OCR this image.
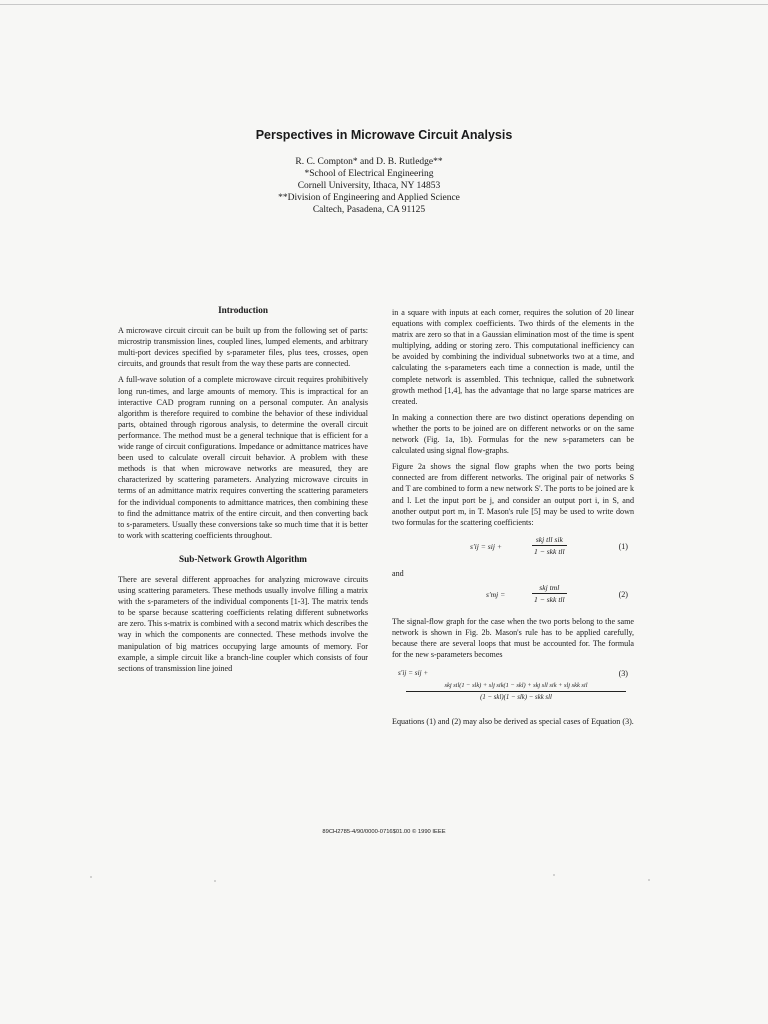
Perspectives in Microwave Circuit Analysis
R. C. Compton* and D. B. Rutledge**
*School of Electrical Engineering
Cornell University, Ithaca, NY 14853
**Division of Engineering and Applied Science
Caltech, Pasadena, CA 91125
Introduction

A microwave circuit circuit can be built up from the following set of parts: microstrip transmission lines, coupled lines, lumped elements, and arbitrary multi-port devices specified by s-parameter files, plus tees, crosses, open circuits, and grounds that result from the way these parts are connected.

A full-wave solution of a complete microwave circuit requires prohibitively long run-times, and large amounts of memory. This is impractical for an interactive CAD program running on a personal computer. An analysis algorithm is therefore required to combine the behavior of these individual parts, obtained through rigorous analysis, to determine the overall circuit performance. The method must be a general technique that is efficient for a wide range of circuit configurations. Impedance or admittance matrices have been used to calculate overall circuit behavior. A problem with these methods is that when microwave networks are measured, they are characterized by scattering parameters. Analyzing microwave circuits in terms of an admittance matrix requires converting the scattering parameters for the individual components to admittance matrices, then combining these to find the admittance matrix of the entire circuit, and then converting back to s-parameters. Usually these conversions take so much time that it is better to work with scattering coefficients throughout.

Sub-Network Growth Algorithm

There are several different approaches for analyzing microwave circuits using scattering parameters. These methods usually involve filling a matrix with the s-parameters of the individual components [1-3]. The matrix tends to be sparse because scattering coefficients relating different subnetworks are zero. This s-matrix is combined with a second matrix which describes the way in which the components are connected. These methods involve the manipulation of big matrices occupying large amounts of memory. For example, a simple circuit like a branch-line coupler which consists of four sections of transmission line joined

in a square with inputs at each corner, requires the solution of 20 linear equations with complex coefficients. Two thirds of the elements in the matrix are zero so that in a Gaussian elimination most of the time is spent multiplying, adding or storing zero. This computational inefficiency can be avoided by combining the individual subnetworks two at a time, and calculating the s-parameters each time a connection is made, until the complete network is assembled. This technique, called the subnetwork growth method [1,4], has the advantage that no large sparse matrices are created.

In making a connection there are two distinct operations depending on whether the ports to be joined are on different networks or on the same network (Fig. 1a, 1b). Formulas for the new s-parameters can be calculated using signal flow-graphs.

Figure 2a shows the signal flow graphs when the two ports being connected are from different networks. The original pair of networks S and T are combined to form a new network S'. The ports to be joined are k and l. Let the input port be j, and consider an output port i, in S, and another output port m, in T. Mason's rule [5] may be used to write down two formulas for the scattering coefficients:

s′ij = sij +
skj tll sik
1 − skk tll
(1)

and

s′mj =
skj tml
1 − skk tll
(2)

The signal-flow graph for the case when the two ports belong to the same network is shown in Fig. 2b. Mason's rule has to be applied carefully, because there are several loops that must be accounted for. The formula for the new s-parameters becomes

s′ij = sij +	(3)
skj sil(1 − slk) + slj sik(1 − skl) + skj sll sik + slj skk sil
(1 − skl)(1 − slk) − skk sll

Equations (1) and (2) may also be derived as special cases of Equation (3).

89CH2785-4/90/0000-0716$01.00 © 1990 IEEE
